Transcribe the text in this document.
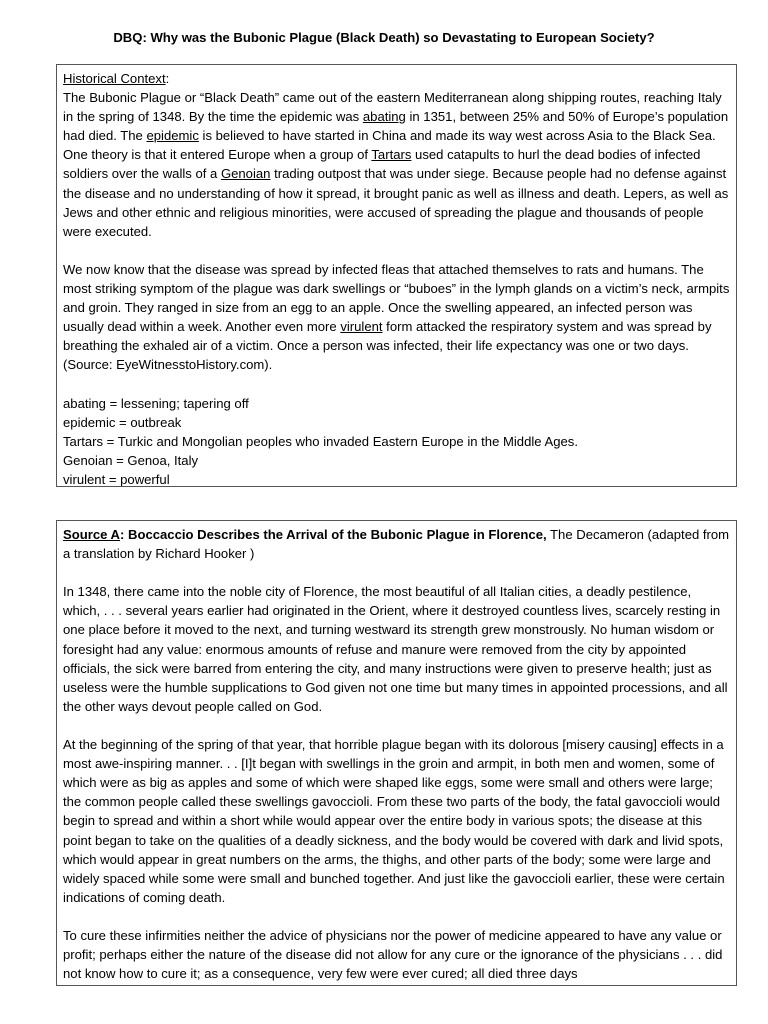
DBQ: Why was the Bubonic Plague (Black Death) so Devastating to European Society?

Historical Context:

The Bubonic Plague or “Black Death” came out of the eastern Mediterranean along shipping routes, reaching Italy in the spring of 1348. By the time the epidemic was abating in 1351, between 25% and 50% of Europe’s population had died. The epidemic is believed to have started in China and made its way west across Asia to the Black Sea. One theory is that it entered Europe when a group of Tartars used catapults to hurl the dead bodies of infected soldiers over the walls of a Genoian trading outpost that was under siege. Because people had no defense against the disease and no understanding of how it spread, it brought panic as well as illness and death. Lepers, as well as Jews and other ethnic and religious minorities, were accused of spreading the plague and thousands of people were executed.

We now know that the disease was spread by infected fleas that attached themselves to rats and humans. The most striking symptom of the plague was dark swellings or “buboes” in the lymph glands on a victim’s neck, armpits and groin. They ranged in size from an egg to an apple. Once the swelling appeared, an infected person was usually dead within a week. Another even more virulent form attacked the respiratory system and was spread by breathing the exhaled air of a victim. Once a person was infected, their life expectancy was one or two days. (Source: EyeWitnesstoHistory.com).

abating = lessening; tapering off
epidemic = outbreak
Tartars = Turkic and Mongolian peoples who invaded Eastern Europe in the Middle Ages.
Genoian = Genoa, Italy
virulent = powerful

Source A: Boccaccio Describes the Arrival of the Bubonic Plague in Florence, The Decameron (adapted from a translation by Richard Hooker )

In 1348, there came into the noble city of Florence, the most beautiful of all Italian cities, a deadly pestilence, which, . . . several years earlier had originated in the Orient, where it destroyed countless lives, scarcely resting in one place before it moved to the next, and turning westward its strength grew monstrously. No human wisdom or foresight had any value: enormous amounts of refuse and manure were removed from the city by appointed officials, the sick were barred from entering the city, and many instructions were given to preserve health; just as useless were the humble supplications to God given not one time but many times in appointed processions, and all the other ways devout people called on God.

At the beginning of the spring of that year, that horrible plague began with its dolorous [misery causing] effects in a most awe-inspiring manner. . . [I]t began with swellings in the groin and armpit, in both men and women, some of which were as big as apples and some of which were shaped like eggs, some were small and others were large; the common people called these swellings gavoccioli. From these two parts of the body, the fatal gavoccioli would begin to spread and within a short while would appear over the entire body in various spots; the disease at this point began to take on the qualities of a deadly sickness, and the body would be covered with dark and livid spots, which would appear in great numbers on the arms, the thighs, and other parts of the body; some were large and widely spaced while some were small and bunched together. And just like the gavoccioli earlier, these were certain indications of coming death.

To cure these infirmities neither the advice of physicians nor the power of medicine appeared to have any value or profit; perhaps either the nature of the disease did not allow for any cure or the ignorance of the physicians . . . did not know how to cure it; as a consequence, very few were ever cured; all died three days
